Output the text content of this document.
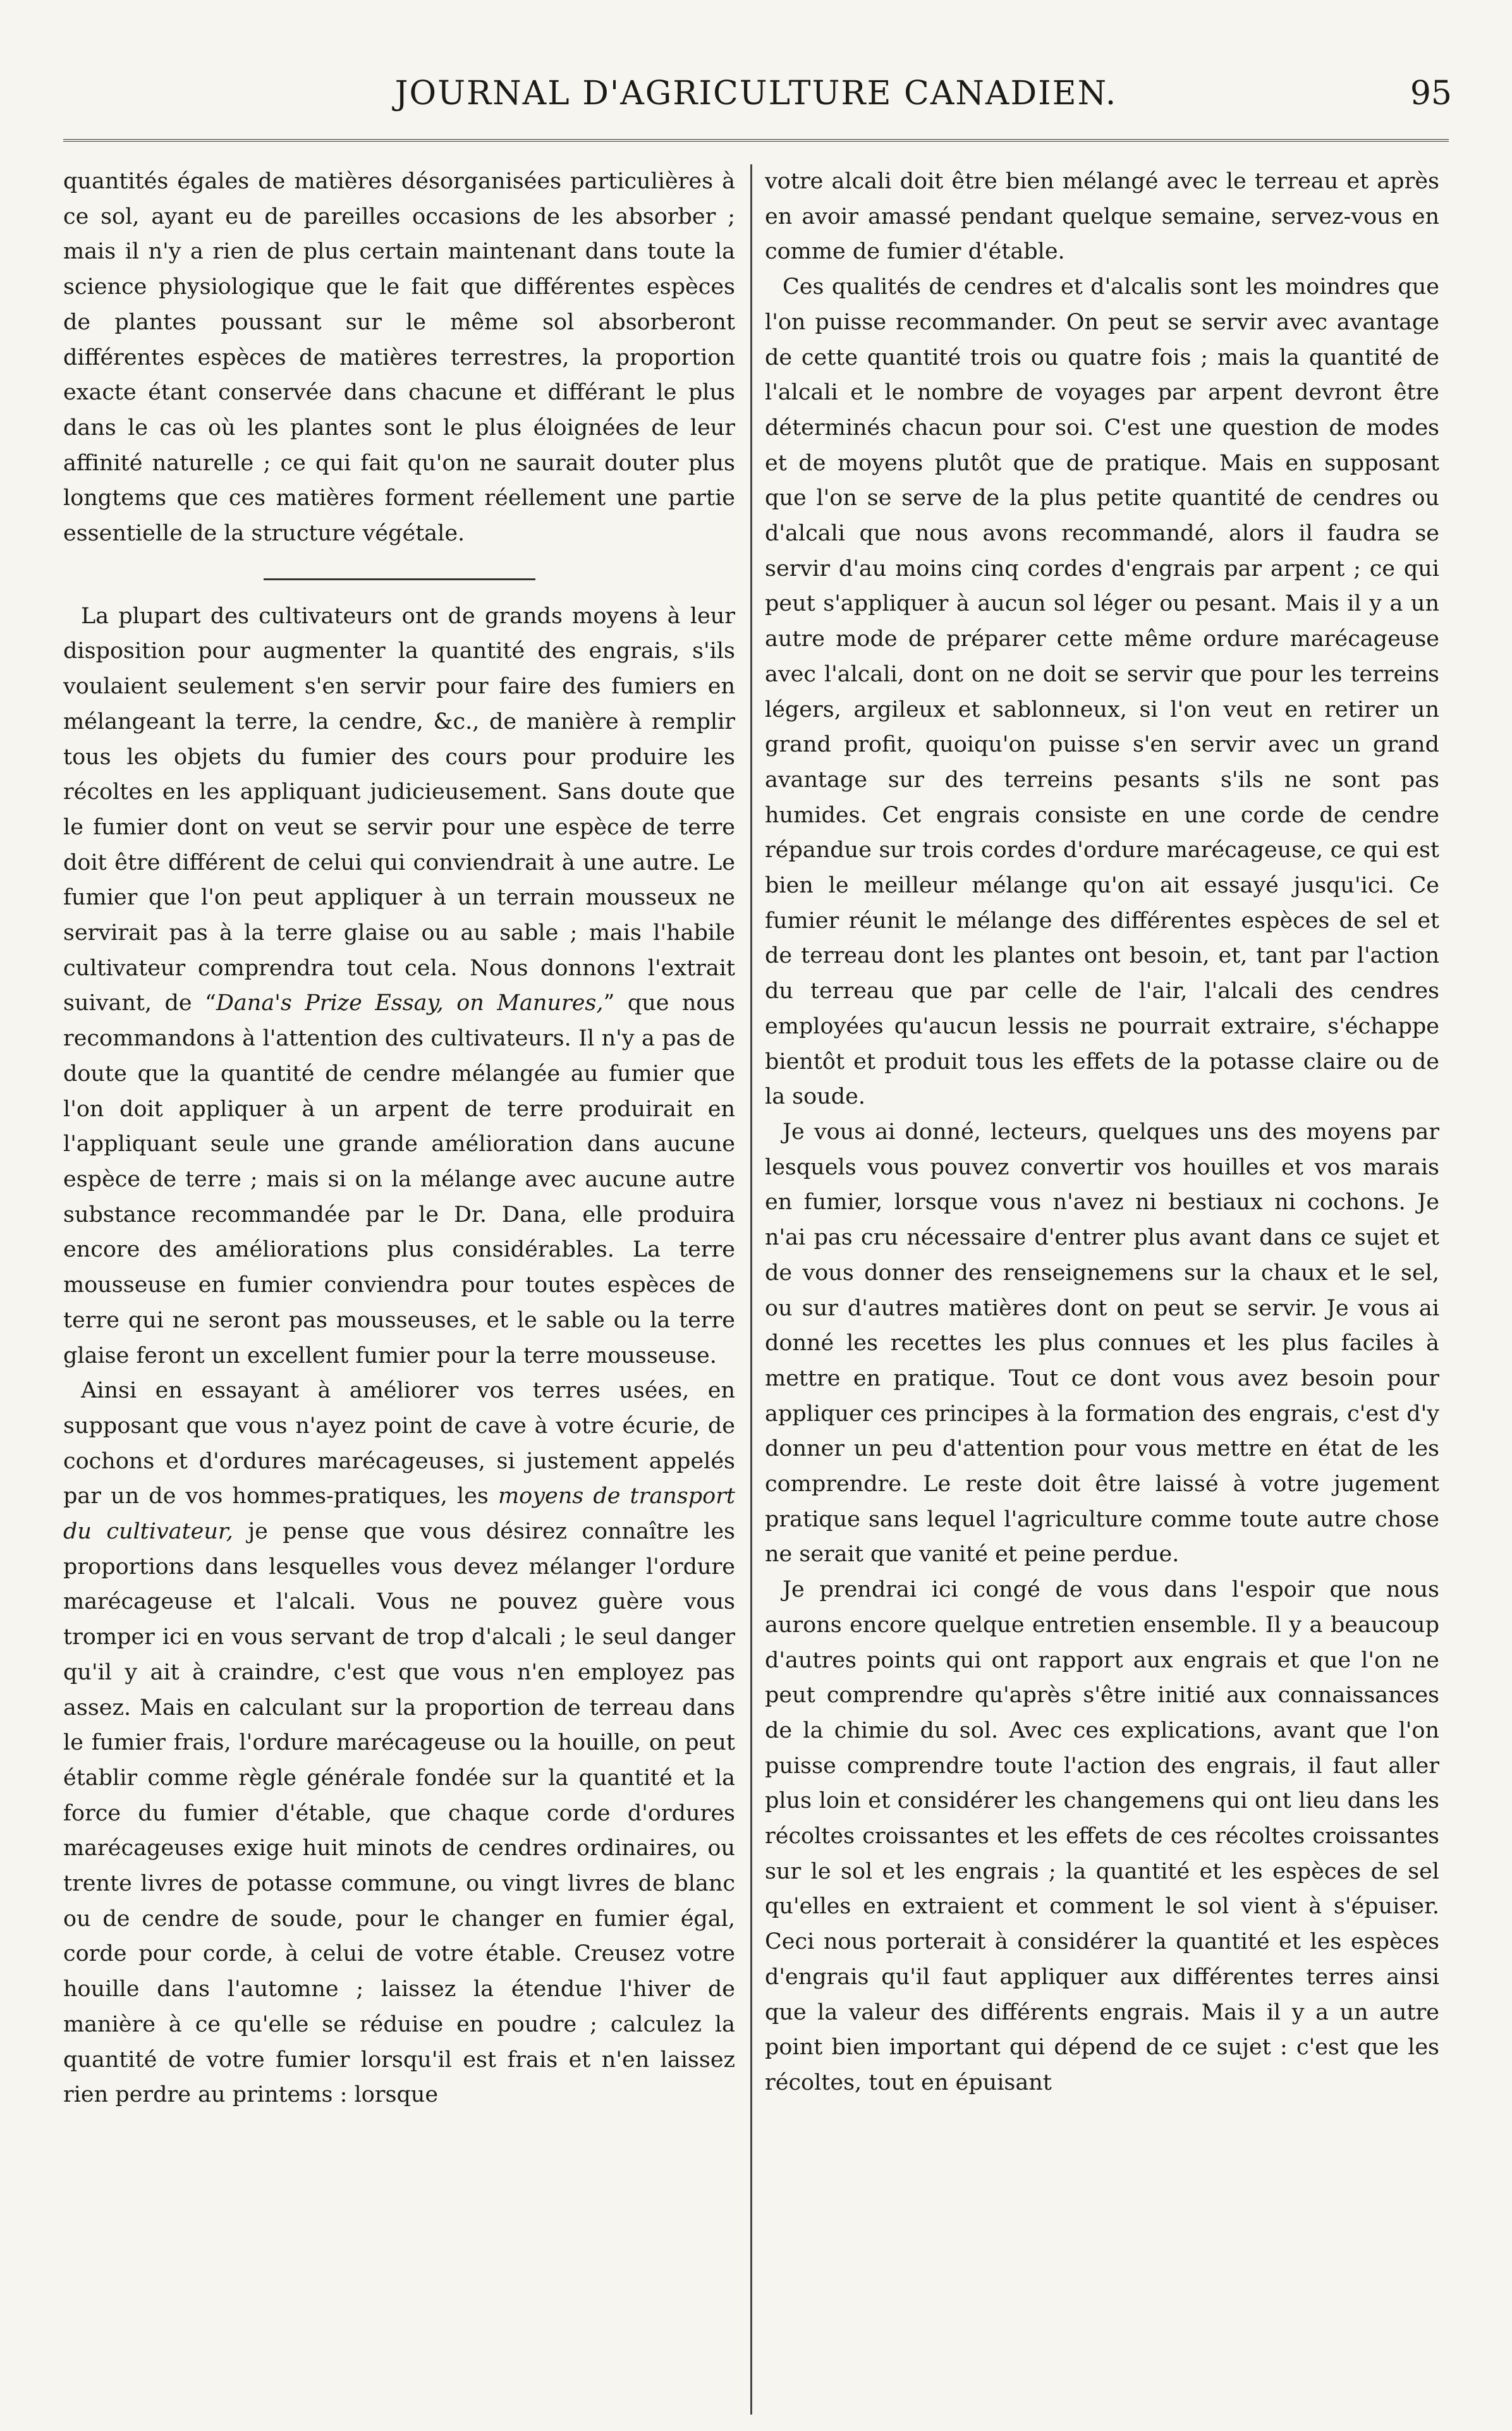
JOURNAL D'AGRICULTURE CANADIEN.	95

quantités égales de matières désorganisées particulières à ce sol, ayant eu de pareilles occasions de les absorber ; mais il n'y a rien de plus certain maintenant dans toute la science physiologique que le fait que différentes espèces de plantes poussant sur le même sol absorberont différentes espèces de matières terrestres, la proportion exacte étant conservée dans chacune et différant le plus dans le cas où les plantes sont le plus éloignées de leur affinité naturelle ; ce qui fait qu'on ne saurait douter plus longtems que ces matières forment réellement une partie essentielle de la structure végétale.

La plupart des cultivateurs ont de grands moyens à leur disposition pour augmenter la quantité des engrais, s'ils voulaient seulement s'en servir pour faire des fumiers en mélangeant la terre, la cendre, &c., de manière à remplir tous les objets du fumier des cours pour produire les récoltes en les appliquant judicieusement. Sans doute que le fumier dont on veut se servir pour une espèce de terre doit être différent de celui qui conviendrait à une autre. Le fumier que l'on peut appliquer à un terrain mousseux ne servirait pas à la terre glaise ou au sable ; mais l'habile cultivateur comprendra tout cela. Nous donnons l'extrait suivant, de “Dana's Prize Essay, on Manures,” que nous recommandons à l'attention des cultivateurs. Il n'y a pas de doute que la quantité de cendre mélangée au fumier que l'on doit appliquer à un arpent de terre produirait en l'appliquant seule une grande amélioration dans aucune espèce de terre ; mais si on la mélange avec aucune autre substance recommandée par le Dr. Dana, elle produira encore des améliorations plus considérables. La terre mousseuse en fumier conviendra pour toutes espèces de terre qui ne seront pas mousseuses, et le sable ou la terre glaise feront un excellent fumier pour la terre mousseuse.

Ainsi en essayant à améliorer vos terres usées, en supposant que vous n'ayez point de cave à votre écurie, de cochons et d'ordures marécageuses, si justement appelés par un de vos hommes-pratiques, les moyens de transport du cultivateur, je pense que vous désirez connaître les proportions dans lesquelles vous devez mélanger l'ordure marécageuse et l'alcali. Vous ne pouvez guère vous tromper ici en vous servant de trop d'alcali ; le seul danger qu'il y ait à craindre, c'est que vous n'en employez pas assez. Mais en calculant sur la proportion de terreau dans le fumier frais, l'ordure marécageuse ou la houille, on peut établir comme règle générale fondée sur la quantité et la force du fumier d'étable, que chaque corde d'ordures marécageuses exige huit minots de cendres ordinaires, ou trente livres de potasse commune, ou vingt livres de blanc ou de cendre de soude, pour le changer en fumier égal, corde pour corde, à celui de votre étable. Creusez votre houille dans l'automne ; laissez la étendue l'hiver de manière à ce qu'elle se réduise en poudre ; calculez la quantité de votre fumier lorsqu'il est frais et n'en laissez rien perdre au printems : lorsque

votre alcali doit être bien mélangé avec le terreau et après en avoir amassé pendant quelque semaine, servez-vous en comme de fumier d'étable.

Ces qualités de cendres et d'alcalis sont les moindres que l'on puisse recommander. On peut se servir avec avantage de cette quantité trois ou quatre fois ; mais la quantité de l'alcali et le nombre de voyages par arpent devront être déterminés chacun pour soi. C'est une question de modes et de moyens plutôt que de pratique. Mais en supposant que l'on se serve de la plus petite quantité de cendres ou d'alcali que nous avons recommandé, alors il faudra se servir d'au moins cinq cordes d'engrais par arpent ; ce qui peut s'appliquer à aucun sol léger ou pesant. Mais il y a un autre mode de préparer cette même ordure marécageuse avec l'alcali, dont on ne doit se servir que pour les terreins légers, argileux et sablonneux, si l'on veut en retirer un grand profit, quoiqu'on puisse s'en servir avec un grand avantage sur des terreins pesants s'ils ne sont pas humides. Cet engrais consiste en une corde de cendre répandue sur trois cordes d'ordure marécageuse, ce qui est bien le meilleur mélange qu'on ait essayé jusqu'ici. Ce fumier réunit le mélange des différentes espèces de sel et de terreau dont les plantes ont besoin, et, tant par l'action du terreau que par celle de l'air, l'alcali des cendres employées qu'aucun lessis ne pourrait extraire, s'échappe bientôt et produit tous les effets de la potasse claire ou de la soude.

Je vous ai donné, lecteurs, quelques uns des moyens par lesquels vous pouvez convertir vos houilles et vos marais en fumier, lorsque vous n'avez ni bestiaux ni cochons. Je n'ai pas cru nécessaire d'entrer plus avant dans ce sujet et de vous donner des renseignemens sur la chaux et le sel, ou sur d'autres matières dont on peut se servir. Je vous ai donné les recettes les plus connues et les plus faciles à mettre en pratique. Tout ce dont vous avez besoin pour appliquer ces principes à la formation des engrais, c'est d'y donner un peu d'attention pour vous mettre en état de les comprendre. Le reste doit être laissé à votre jugement pratique sans lequel l'agriculture comme toute autre chose ne serait que vanité et peine perdue.

Je prendrai ici congé de vous dans l'espoir que nous aurons encore quelque entretien ensemble. Il y a beaucoup d'autres points qui ont rapport aux engrais et que l'on ne peut comprendre qu'après s'être initié aux connaissances de la chimie du sol. Avec ces explications, avant que l'on puisse comprendre toute l'action des engrais, il faut aller plus loin et considérer les changemens qui ont lieu dans les récoltes croissantes et les effets de ces récoltes croissantes sur le sol et les engrais ; la quantité et les espèces de sel qu'elles en extraient et comment le sol vient à s'épuiser. Ceci nous porterait à considérer la quantité et les espèces d'engrais qu'il faut appliquer aux différentes terres ainsi que la valeur des différents engrais. Mais il y a un autre point bien important qui dépend de ce sujet : c'est que les récoltes, tout en épuisant
